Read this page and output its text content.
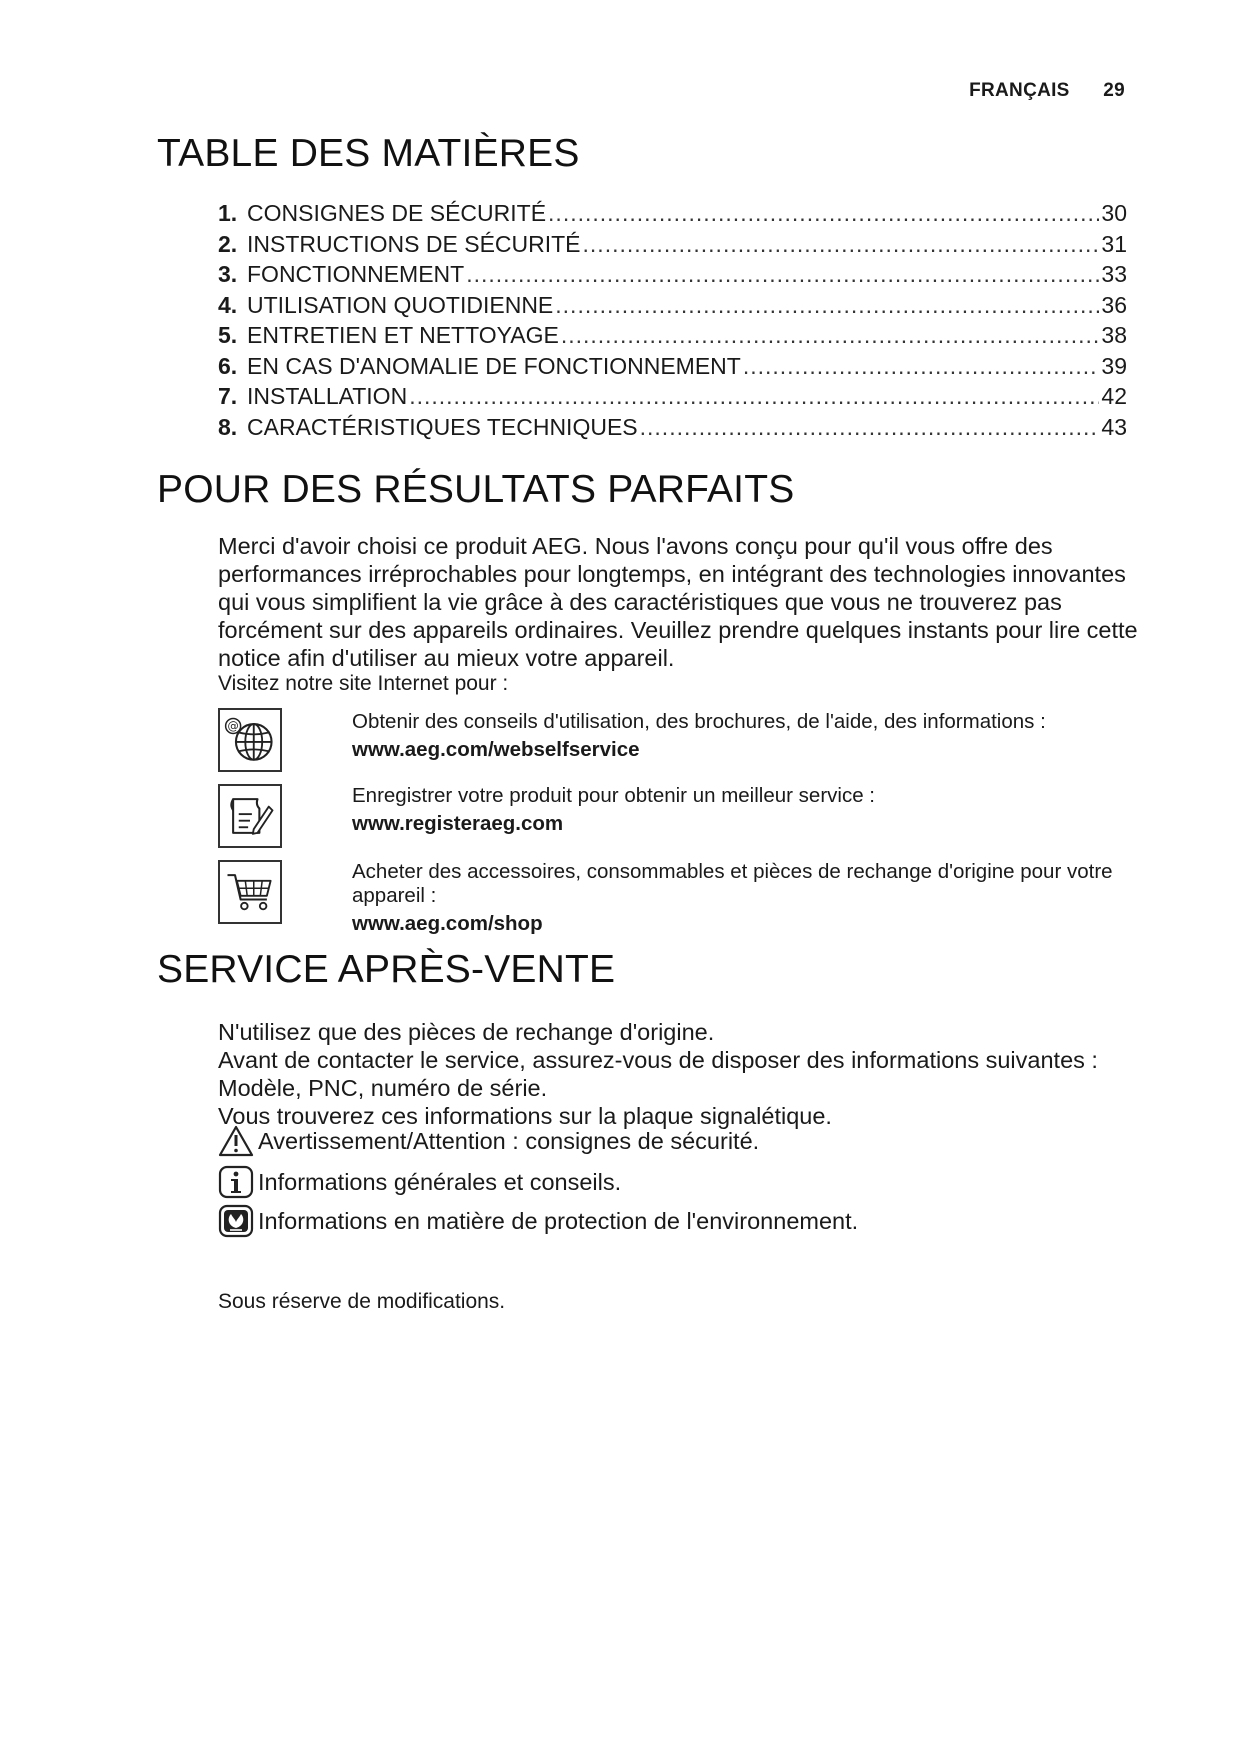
FRANÇAIS 29
TABLE DES MATIÈRES
1. CONSIGNES DE SÉCURITÉ .....	30
2. INSTRUCTIONS DE SÉCURITÉ .....	31
3. FONCTIONNEMENT .....	33
4. UTILISATION QUOTIDIENNE .....	36
5. ENTRETIEN ET NETTOYAGE .....	38
6. EN CAS D'ANOMALIE DE FONCTIONNEMENT .....	39
7. INSTALLATION .....	42
8. CARACTÉRISTIQUES TECHNIQUES .....	43
POUR DES RÉSULTATS PARFAITS

Merci d'avoir choisi ce produit AEG. Nous l'avons conçu pour qu'il vous offre des performances irréprochables pour longtemps, en intégrant des technologies innovantes qui vous simplifient la vie grâce à des caractéristiques que vous ne trouverez pas forcément sur des appareils ordinaires. Veuillez prendre quelques instants pour lire cette notice afin d'utiliser au mieux votre appareil.

Visitez notre site Internet pour :

@	Obtenir des conseils d'utilisation, des brochures, de l'aide, des informations :
www.aeg.com/webselfservice
Enregistrer votre produit pour obtenir un meilleur service :
www.registeraeg.com
Acheter des accessoires, consommables et pièces de rechange d'origine pour votre appareil :
www.aeg.com/shop
SERVICE APRÈS-VENTE
N'utilisez que des pièces de rechange d'origine.
Avant de contacter le service, assurez-vous de disposer des informations suivantes : Modèle, PNC, numéro de série.
Vous trouverez ces informations sur la plaque signalétique.
Avertissement/Attention : consignes de sécurité.
Informations générales et conseils.
Informations en matière de protection de l'environnement.

Sous réserve de modifications.
